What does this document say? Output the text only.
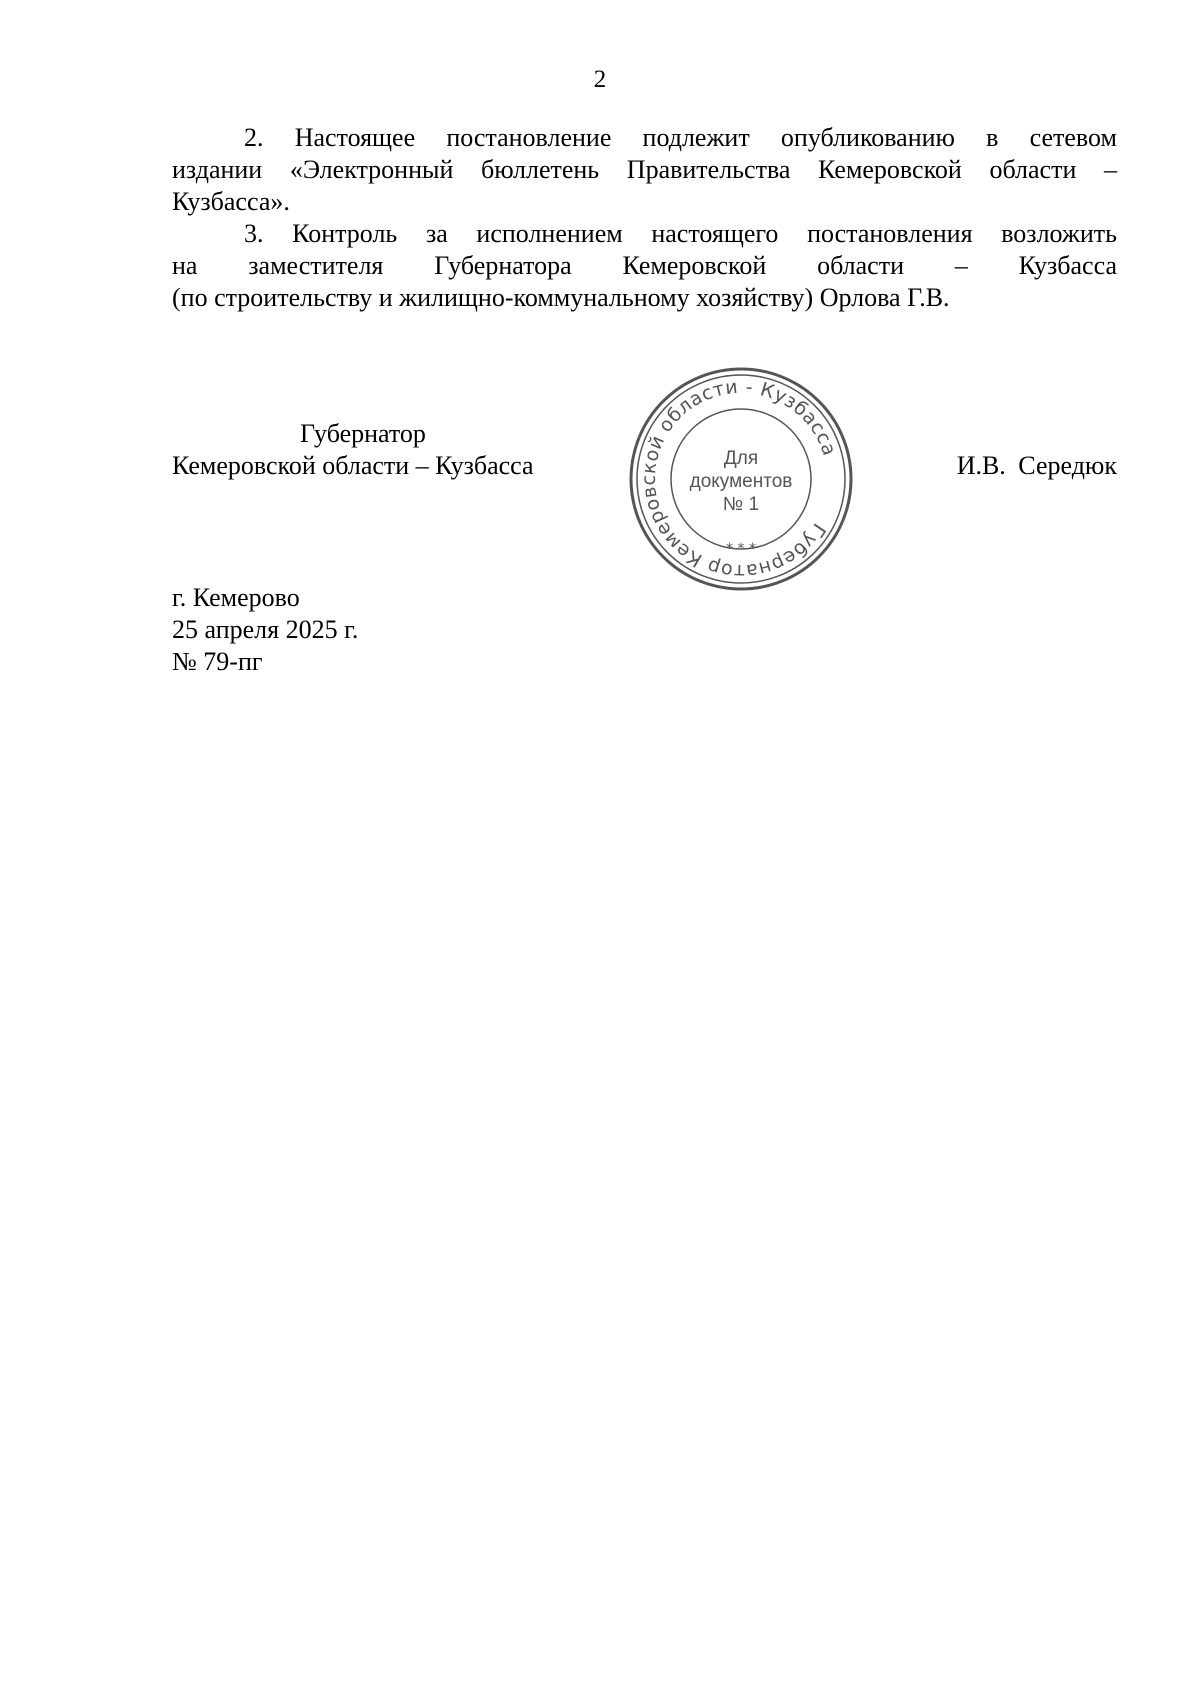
2
2. Настоящее постановление подлежит опубликованию в сетевом
издании «Электронный бюллетень Правительства Кемеровской области –
Кузбасса».
3. Контроль за исполнением настоящего постановления возложить
на заместителя Губернатора Кемеровской области – Кузбасса
(по строительству и жилищно-коммунальному хозяйству) Орлова Г.В.
Губернатор
Кемеровской области – Кузбасса
Губернатор Кемеровской области - Кузбасса
* * *
Для
документов
№ 1
И.В. Середюк
г. Кемерово
25 апреля 2025 г.
№ 79-пг
